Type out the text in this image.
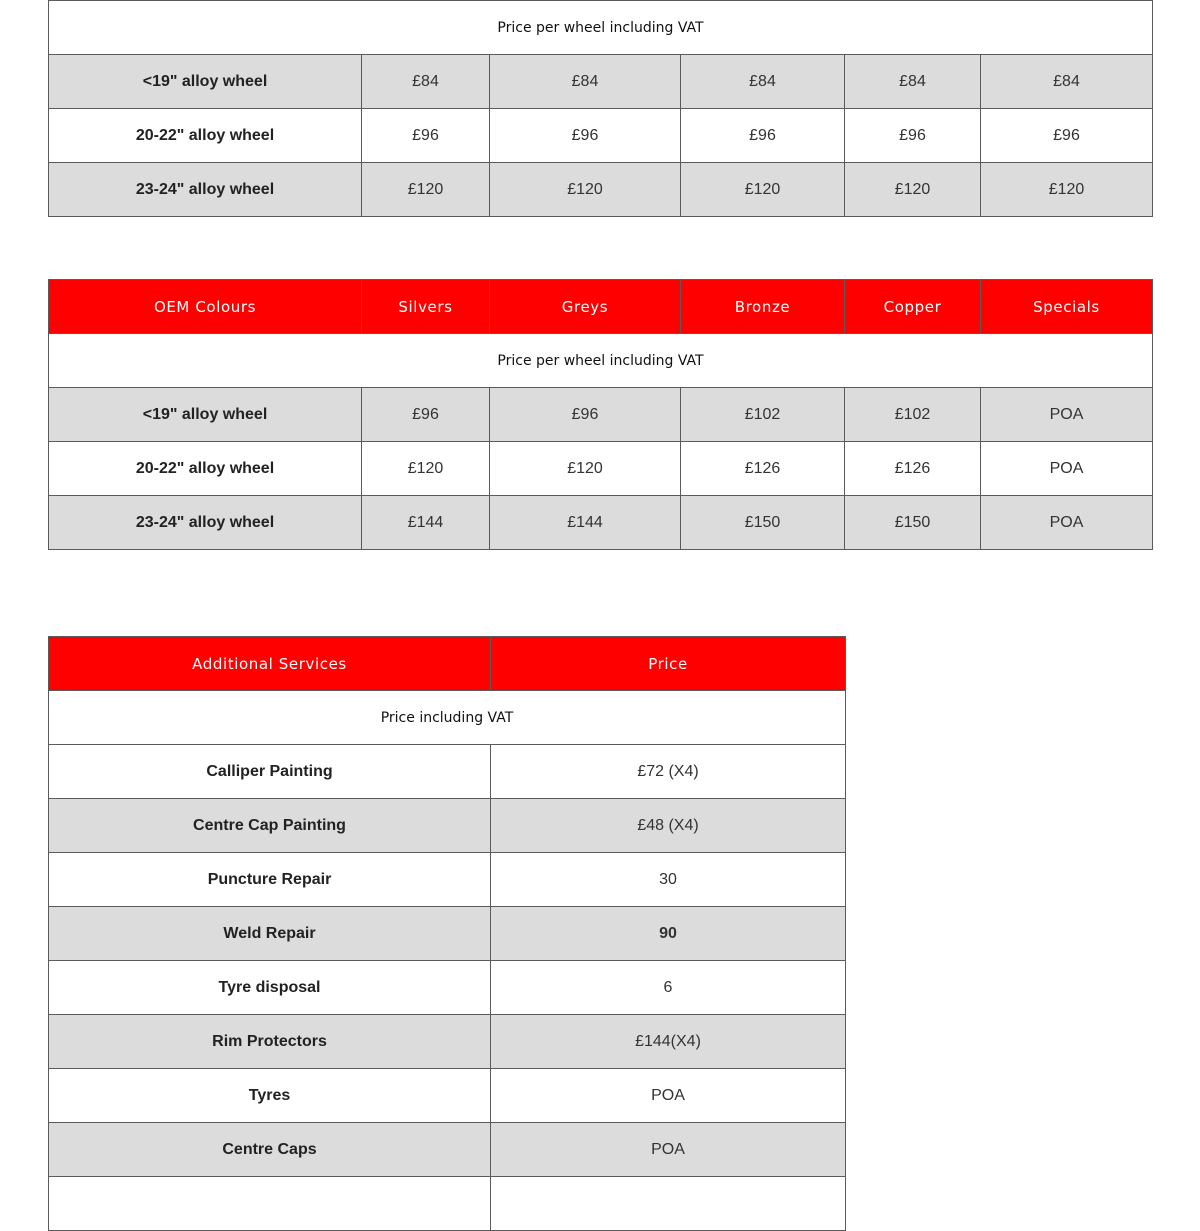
Price per wheel including VAT					
<19" alloy wheel	£84	£84	£84	£84	£84
20-22" alloy wheel	£96	£96	£96	£96	£96
23-24" alloy wheel	£120	£120	£120	£120	£120
OEM Colours	Silvers	Greys	Bronze	Copper	Specials
Price per wheel including VAT					
<19" alloy wheel	£96	£96	£102	£102	POA
20-22" alloy wheel	£120	£120	£126	£126	POA
23-24" alloy wheel	£144	£144	£150	£150	POA
Additional Services	Price
Price including VAT	
Calliper Painting	£72 (X4)
Centre Cap Painting	£48 (X4)
Puncture Repair	30
Weld Repair	90
Tyre disposal	6
Rim Protectors	£144(X4)
Tyres	POA
Centre Caps	POA
